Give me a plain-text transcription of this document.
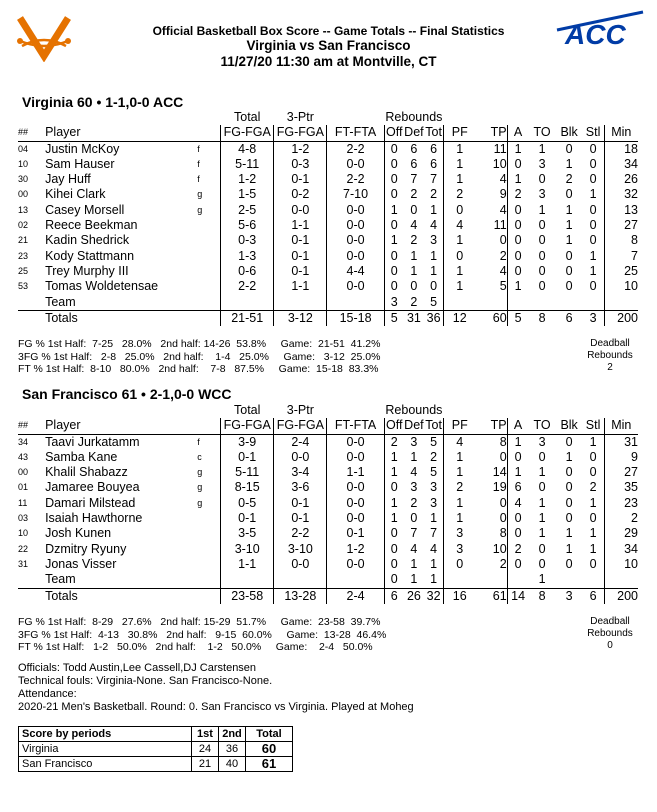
Official Basketball Box Score -- Game Totals -- Final Statistics
Virginia vs San Francisco
11/27/20 11:30 am at Montville, CT
ACC
Virginia 60 • 1-1,0-0 ACC
			Total	3-Ptr		Rebounds									
##	Player		FG-FGA	FG-FGA	FT-FTA	Off	Def	Tot	PF	TP	A	TO	Blk	Stl	Min
04	Justin McKoy	f	4-8	1-2	2-2	0	6	6	1	11	1	1	0	0	18
10	Sam Hauser	f	5-11	0-3	0-0	0	6	6	1	10	0	3	1	0	34
30	Jay Huff	f	1-2	0-1	2-2	0	7	7	1	4	1	0	2	0	26
00	Kihei Clark	g	1-5	0-2	7-10	0	2	2	2	9	2	3	0	1	32
13	Casey Morsell	g	2-5	0-0	0-0	1	0	1	0	4	0	1	1	0	13
02	Reece Beekman		5-6	1-1	0-0	0	4	4	4	11	0	0	1	0	27
21	Kadin Shedrick		0-3	0-1	0-0	1	2	3	1	0	0	0	1	0	8
23	Kody Stattmann		1-3	0-1	0-0	0	1	1	0	2	0	0	0	1	7
25	Trey Murphy III		0-6	0-1	4-4	0	1	1	1	4	0	0	0	1	25
53	Tomas Woldetensae		2-2	1-1	0-0	0	0	0	1	5	1	0	0	0	10
	Team					3	2	5							
	Totals		21-51	3-12	15-18	5	31	36	12	60	5	8	6	3	200
FG % 1st Half:  7-25   28.0%   2nd half: 14-26  53.8%     Game:  21-51  41.2%
3FG % 1st Half:   2-8   25.0%   2nd half:    1-4   25.0%     Game:   3-12  25.0%
FT % 1st Half:  8-10   80.0%   2nd half:    7-8   87.5%     Game:  15-18  83.3%
Deadball
Rebounds
2
San Francisco 61 • 2-1,0-0 WCC
			Total	3-Ptr		Rebounds									
##	Player		FG-FGA	FG-FGA	FT-FTA	Off	Def	Tot	PF	TP	A	TO	Blk	Stl	Min
34	Taavi Jurkatamm	f	3-9	2-4	0-0	2	3	5	4	8	1	3	0	1	31
43	Samba Kane	c	0-1	0-0	0-0	1	1	2	1	0	0	0	1	0	9
00	Khalil Shabazz	g	5-11	3-4	1-1	1	4	5	1	14	1	1	0	0	27
01	Jamaree Bouyea	g	8-15	3-6	0-0	0	3	3	2	19	6	0	0	2	35
11	Damari Milstead	g	0-5	0-1	0-0	1	2	3	1	0	4	1	0	1	23
03	Isaiah Hawthorne		0-1	0-1	0-0	1	0	1	1	0	0	1	0	0	2
10	Josh Kunen		3-5	2-2	0-1	0	7	7	3	8	0	1	1	1	29
22	Dzmitry Ryuny		3-10	3-10	1-2	0	4	4	3	10	2	0	1	1	34
31	Jonas Visser		1-1	0-0	0-0	0	1	1	0	2	0	0	0	0	10
	Team					0	1	1				1			
	Totals		23-58	13-28	2-4	6	26	32	16	61	14	8	3	6	200
FG % 1st Half:  8-29   27.6%   2nd half: 15-29  51.7%     Game:  23-58  39.7%
3FG % 1st Half:  4-13   30.8%   2nd half:   9-15  60.0%     Game:  13-28  46.4%
FT % 1st Half:   1-2   50.0%   2nd half:    1-2   50.0%     Game:    2-4   50.0%
Deadball
Rebounds
0
Officials: Todd Austin,Lee Cassell,DJ Carstensen
Technical fouls: Virginia-None. San Francisco-None.
Attendance:
2020-21 Men's Basketball. Round: 0. San Francisco vs Virginia. Played at Moheg
Score by periods	1st	2nd	Total
Virginia	24	36	60
San Francisco	21	40	61
